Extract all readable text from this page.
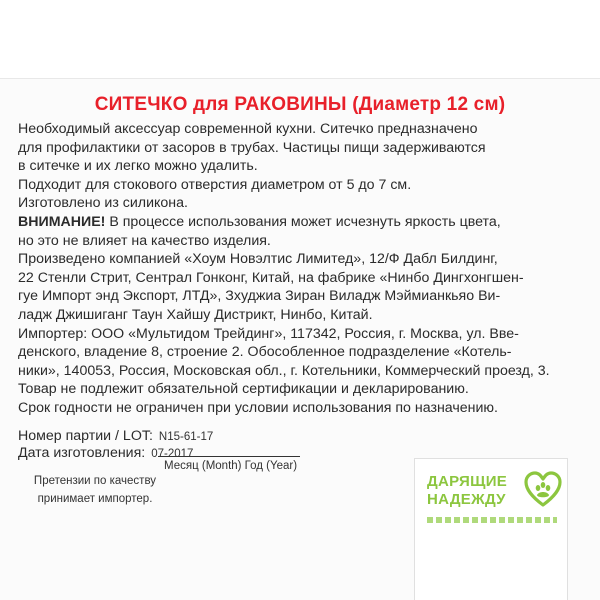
СИТЕЧКО для РАКОВИНЫ (Диаметр 12 см)

Необходимый аксессуар современной кухни. Ситечко предназначено

для профилактики от засоров в трубах. Частицы пищи задерживаются

в ситечке и их легко можно удалить.

Подходит для стокового отверстия диаметром от 5 до 7 см.

Изготовлено из силикона.

ВНИМАНИЕ! В процессе использования может исчезнуть яркость цвета,

но это не влияет на качество изделия.

Произведено компанией «Хоум Новэлтис Лимитед», 12/Ф Дабл Билдинг,

22 Стенли Стрит, Сентрал Гонконг, Китай, на фабрике «Нинбо Дингхонгшен-

гуе Импорт энд Экспорт, ЛТД», Зхуджиа Зиран Виладж Мэймианкьяо Ви-

ладж Джишиганг Таун Хайшу Дистрикт, Нинбо, Китай.

Импортер: ООО «Мультидом Трейдинг», 117342, Россия, г. Москва, ул. Вве-

денского, владение 8, строение 2. Обособленное подразделение «Котель-

ники», 140053, Россия, Московская обл., г. Котельники, Коммерческий проезд, 3.

Товар не подлежит обязательной сертификации и декларированию.

Срок годности не ограничен при условии использования по назначению.

Номер партии / LOT: N15-61-17
Дата изготовления: 07-2017
Месяц (Month) Год (Year)
Претензии по качеству
принимает импортер.
ДАРЯЩИЕ
НАДЕЖДУ
